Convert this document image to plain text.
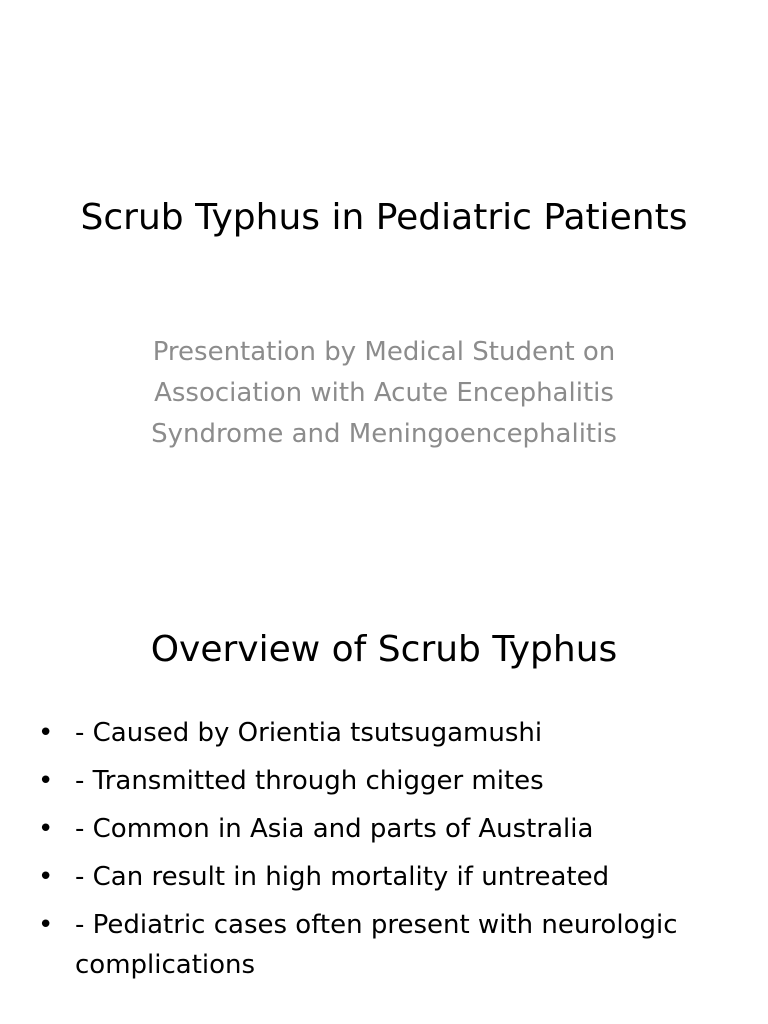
Scrub Typhus in Pediatric Patients
Presentation by Medical Student on
Association with Acute Encephalitis
Syndrome and Meningoencephalitis
Overview of Scrub Typhus
• - Caused by Orientia tsutsugamushi
• - Transmitted through chigger mites
• - Common in Asia and parts of Australia
• - Can result in high mortality if untreated
• - Pediatric cases often present with neurologic complications
